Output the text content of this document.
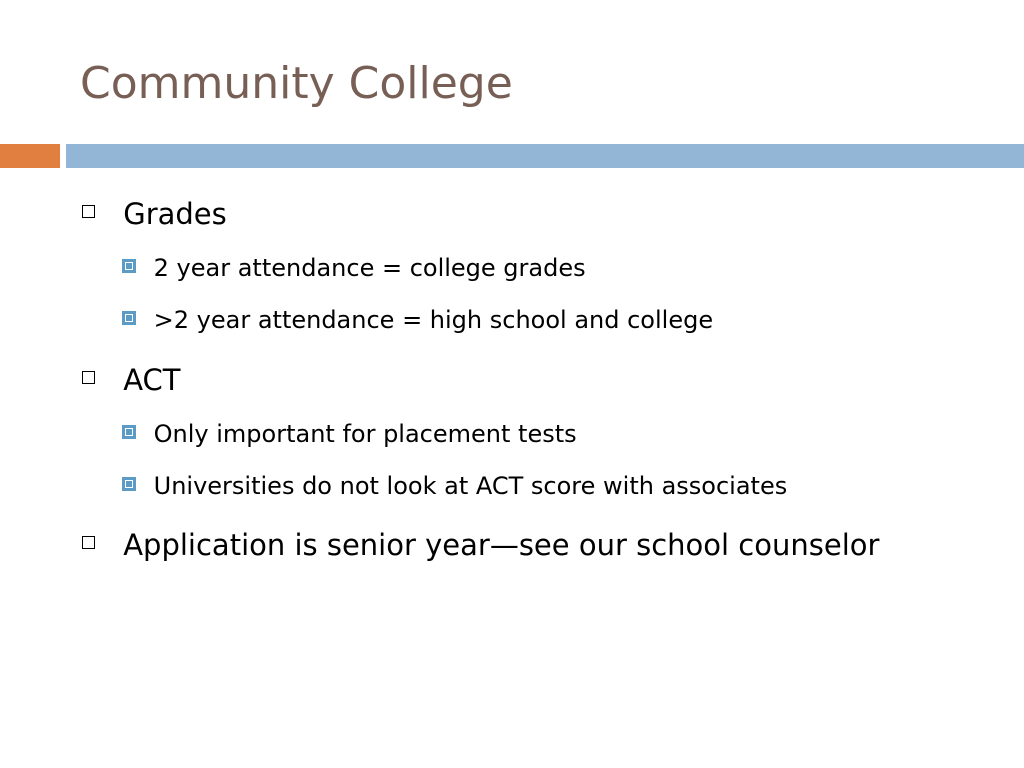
Community College
Grades
2 year attendance = college grades
>2 year attendance = high school and college
ACT
Only important for placement tests
Universities do not look at ACT score with associates
Application is senior year—see our school counselor
